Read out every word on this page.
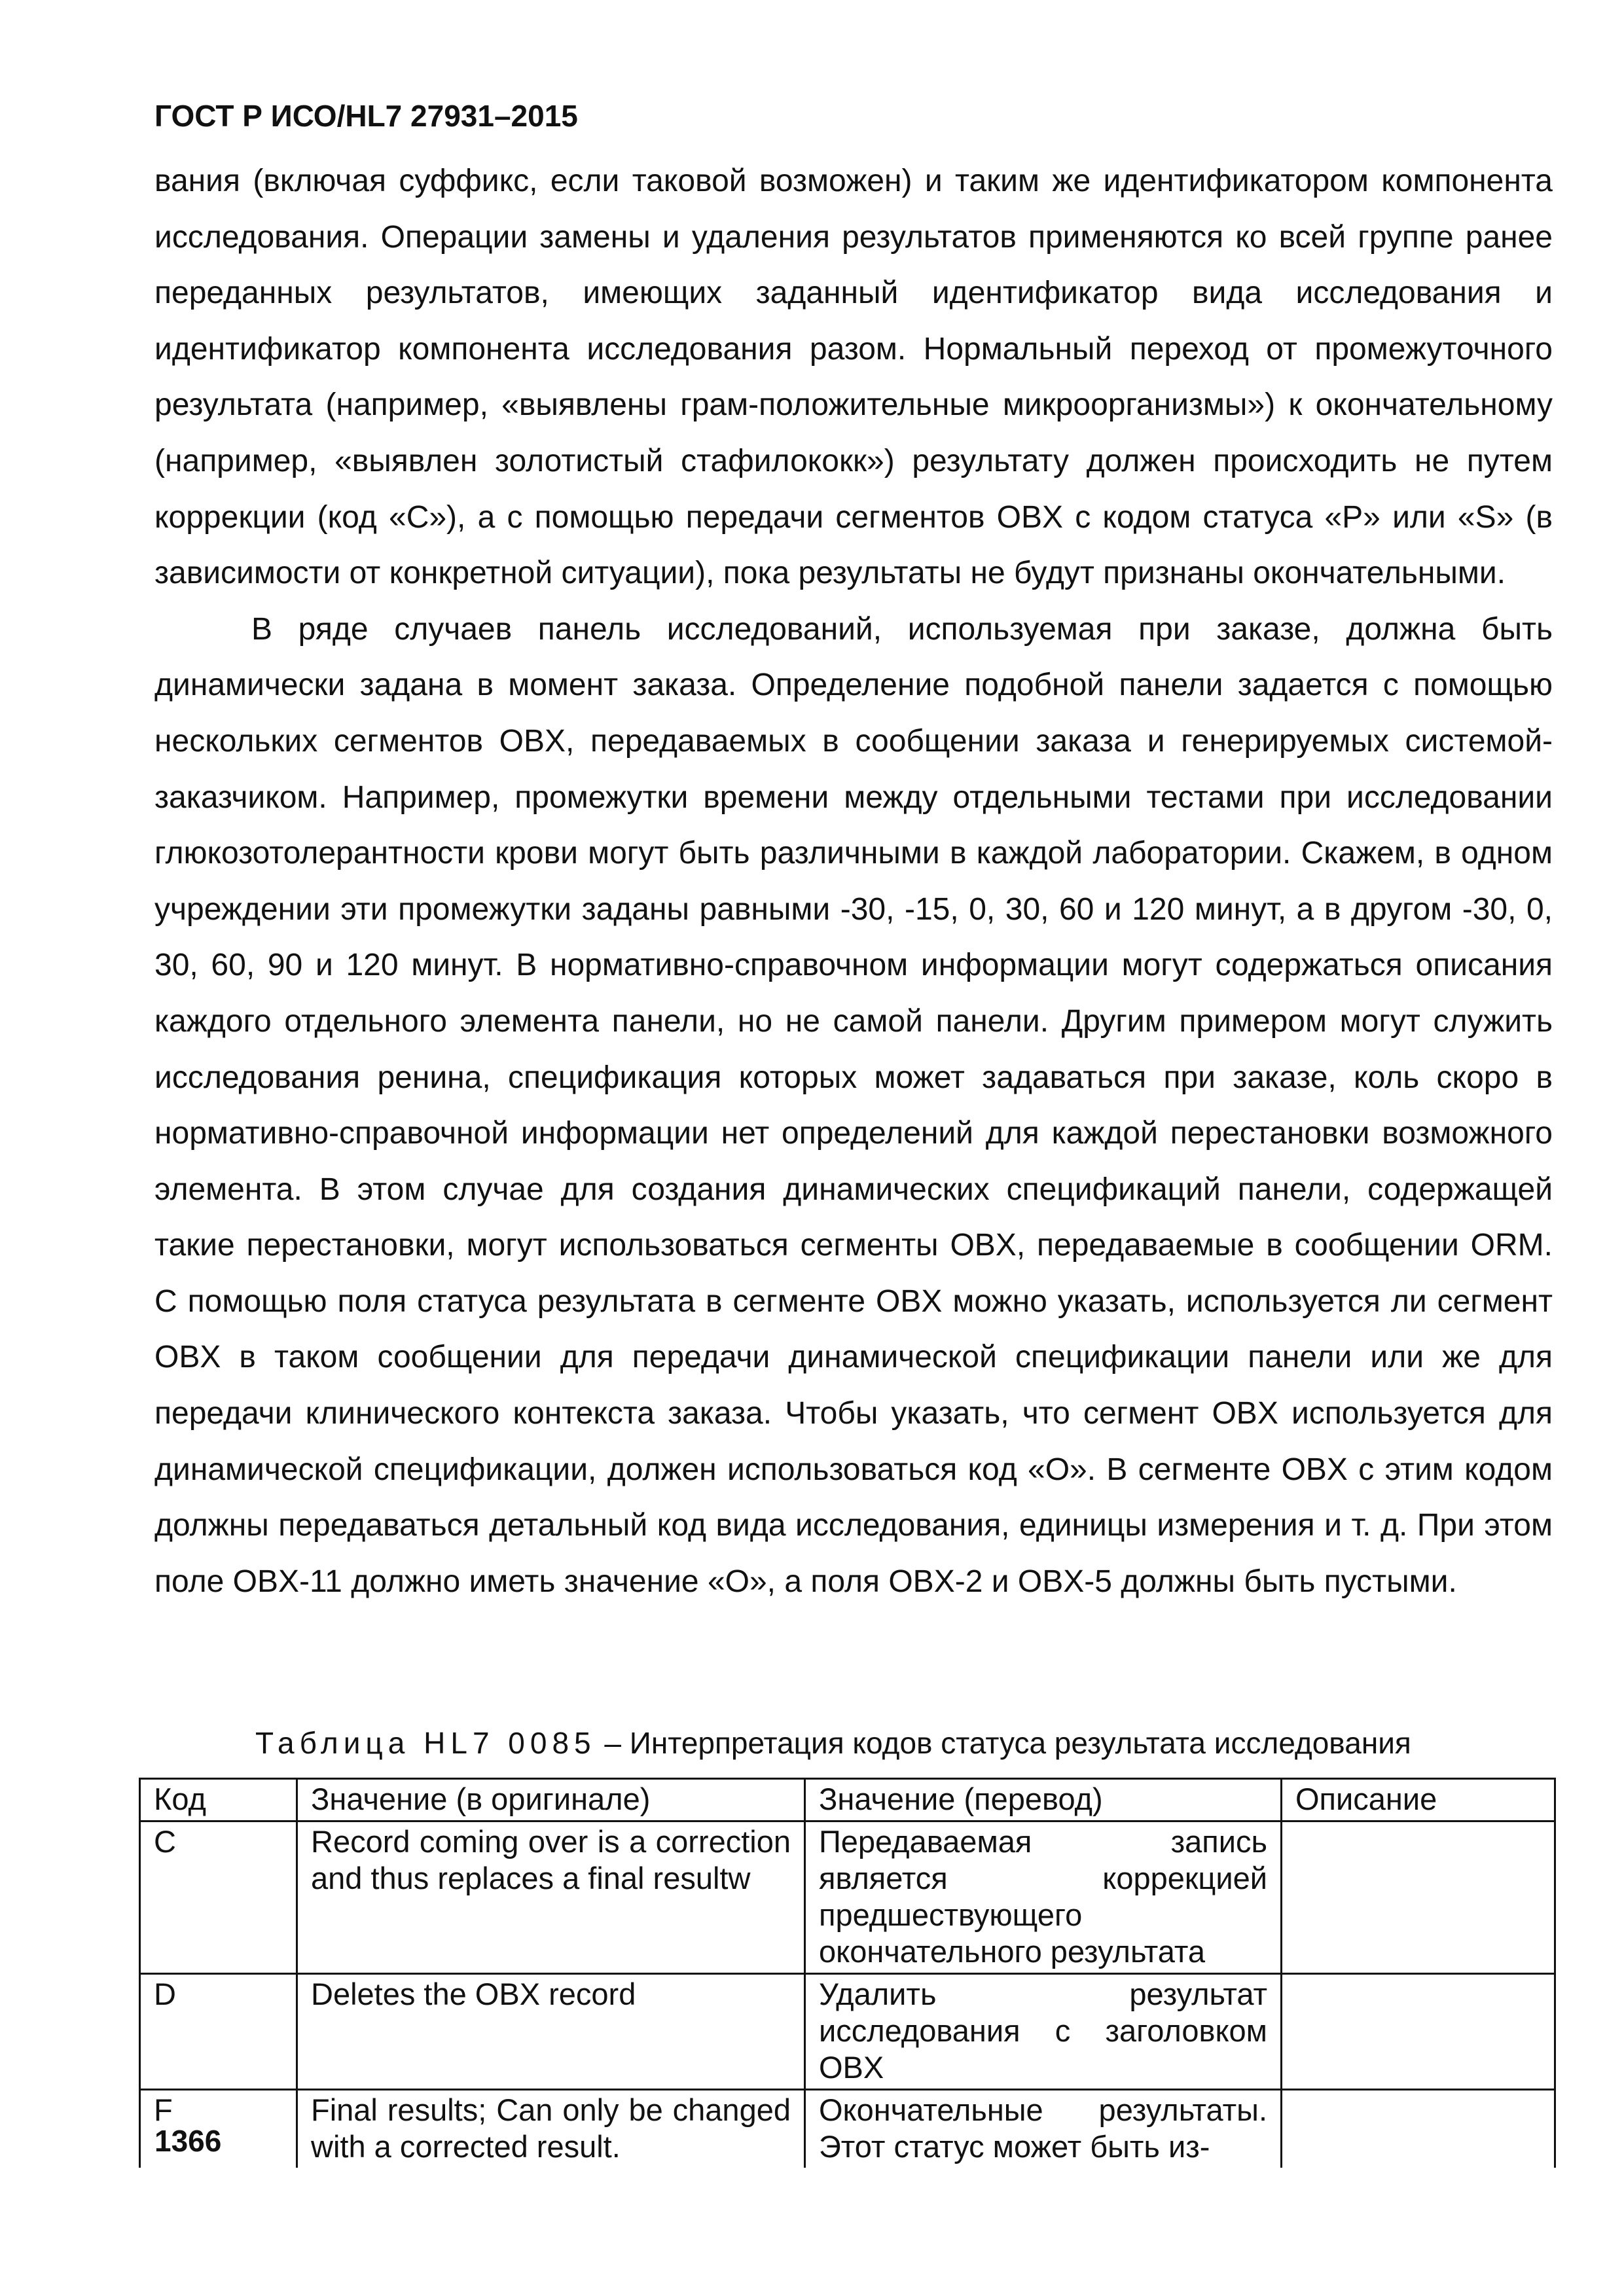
ГОСТ Р ИСО/HL7 27931–2015

вания (включая суффикс, если таковой возможен) и таким же идентификатором компонента исследования. Операции замены и удаления результатов применяются ко всей группе ранее переданных результатов, имеющих заданный идентификатор вида исследования и идентификатор компонента исследования разом. Нормальный переход от промежуточного результата (например, «выявлены грам-положительные микроорганизмы») к окончательному (например, «выявлен золотистый стафилококк») результату должен происходить не путем коррекции (код «C»), а с помощью передачи сегментов OBX с кодом статуса «P» или «S» (в зависимости от конкретной ситуации), пока результаты не будут признаны окончательными.

В ряде случаев панель исследований, используемая при заказе, должна быть динамически задана в момент заказа. Определение подобной панели задается с помощью нескольких сегментов OBX, передаваемых в сообщении заказа и генерируемых системой-заказчиком. Например, промежутки времени между отдельными тестами при исследовании глюкозотолерантности крови могут быть различными в каждой лаборатории. Скажем, в одном учреждении эти промежутки заданы равными -30, -15, 0, 30, 60 и 120 минут, а в другом -30, 0, 30, 60, 90 и 120 минут. В нормативно-справочном информации могут содержаться описания каждого отдельного элемента панели, но не самой панели. Другим примером могут служить исследования ренина, спецификация которых может задаваться при заказе, коль скоро в нормативно-справочной информации нет определений для каждой перестановки возможного элемента. В этом случае для создания динамических спецификаций панели, содержащей такие перестановки, могут использоваться сегменты OBX, передаваемые в сообщении ORM. С помощью поля статуса результата в сегменте OBX можно указать, используется ли сегмент OBX в таком сообщении для передачи динамической спецификации панели или же для передачи клинического контекста заказа. Чтобы указать, что сегмент OBX используется для динамической спецификации, должен использоваться код «O». В сегменте OBX с этим кодом должны передаваться детальный код вида исследования, единицы измерения и т. д. При этом поле OBX-11 должно иметь значение «O», а поля OBX-2 и OBX-5 должны быть пустыми.

Таблица HL7 0085 – Интерпретация кодов статуса результата исследования
Код	Значение (в оригинале)	Значение (перевод)	Описание
C	Record coming over is a correction and thus replaces a final resultw	Передаваемая запись является коррекцией предшествующего окончательного результата	
D	Deletes the OBX record	Удалить результат исследования с заголовком OBX	
F	Final results; Can only be changed with a corrected result.	Окончательные результаты. Этот статус может быть из-	
1366
